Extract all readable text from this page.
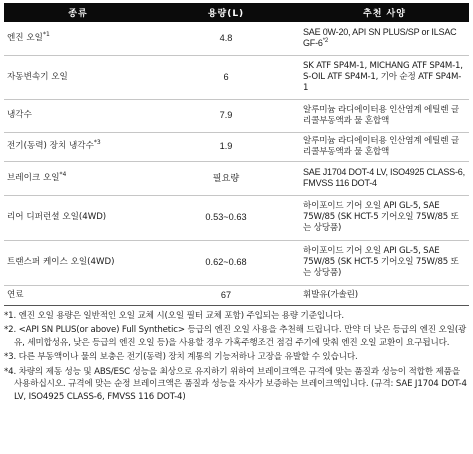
종류	용량(L)	추천 사양
엔진 오일$^{*1}$	4.8	SAE 0W-20, API SN PLUS/SP or ILSAC GF-6$^{*2}$
자동변속기 오일	6	SK ATF SP4M-1, MICHANG ATF SP4M-1, S-OIL ATF SP4M-1, 기아 순정 ATF SP4M-1
냉각수	7.9	알루미늄 라디에이터용 인산염계 에틸렌 글리콜부동액과 물 혼합액
전기(동력) 장치 냉각수$^{*3}$	1.9	알루미늄 라디에이터용 인산염계 에틸렌 글리콜부동액과 물 혼합액
브레이크 오일$^{*4}$	필요량	SAE J1704 DOT-4 LV, ISO4925 CLASS-6, FMVSS 116 DOT-4
리어 디퍼런셜 오일(4WD)	0.53~0.63	하이포이드 기어 오일 API GL-5, SAE 75W/85 (SK HCT-5 기어오일 75W/85 또는 상당품)
트랜스퍼 케이스 오일(4WD)	0.62~0.68	하이포이드 기어 오일 API GL-5, SAE 75W/85 (SK HCT-5 기어오일 75W/85 또는 상당품)
연료	67	휘발유(가솔린)

*1. 엔진 오일 용량은 일반적인 오일 교체 시(오일 필터 교체 포함) 주입되는 용량 기준입니다.

*2. <API SN PLUS(or above) Full Synthetic> 등급의 엔진 오일 사용을 추천해 드립니다. 만약 더 낮은 등급의 엔진 오일(광유, 세미합성유, 낮은 등급의 엔진 오일 등)을 사용할 경우 가혹주행조건 점검 주기에 맞춰 엔진 오일 교환이 요구됩니다.

*3. 다른 부동액이나 물의 보충은 전기(동력) 장치 계통의 기능저하나 고장을 유발할 수 있습니다.

*4. 차량의 제동 성능 및 ABS/ESC 성능을 최상으로 유지하기 위하여 브레이크액은 규격에 맞는 품질과 성능이 적합한 제품을 사용하십시오. 규격에 맞는 순정 브레이크액은 품질과 성능을 자사가 보증하는 브레이크액입니다. (규격: SAE J1704 DOT-4 LV, ISO4925 CLASS-6, FMVSS 116 DOT-4)
